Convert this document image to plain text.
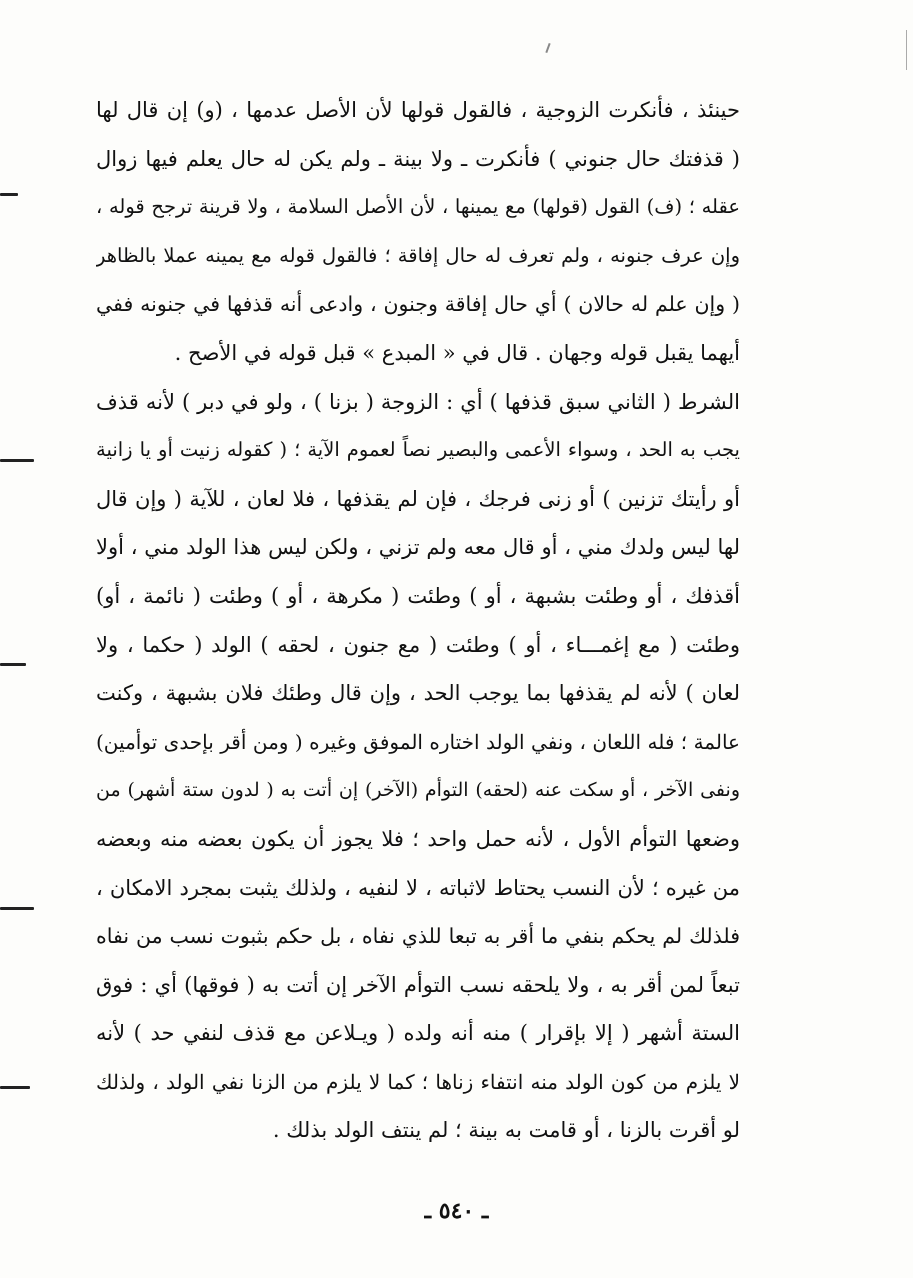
حينئذ ، فأنكرت الزوجية ، فالقول قولها لأن الأصل عدمها ، (و) إن قال لها
( قذفتك حال جنوني ) فأنكرت ـ ولا بينة ـ ولم يكن له حال يعلم فيها زوال
عقله ؛ (ف) القول (قولها) مع يمينها ، لأن الأصل السلامة ، ولا قرينة ترجح قوله ،
وإن عرف جنونه ، ولم تعرف له حال إفاقة ؛ فالقول قوله مع يمينه عملا بالظاهر
( وإن علم له حالان ) أي حال إفاقة وجنون ، وادعى أنه قذفها في جنونه ففي
أيهما يقبل قوله وجهان . قال في « المبدع » قبل قوله في الأصح .
الشرط ( الثاني سبق قذفها ) أي : الزوجة ( بزنا ) ، ولو في دبر ) لأنه قذف
يجب به الحد ، وسواء الأعمى والبصير نصاً لعموم الآية ؛ ( كقوله زنيت أو يا زانية
أو رأيتك تزنين ) أو زنى فرجك ، فإن لم يقذفها ، فلا لعان ، للآية ( وإن قال
لها ليس ولدك مني ، أو قال معه ولم تزني ، ولكن ليس هذا الولد مني ، أولا
أقذفك ، أو وطئت بشبهة ، أو ) وطئت ( مكرهة ، أو ) وطئت ( نائمة ، أو)
وطئت ( مع إغمـــاء ، أو ) وطئت ( مع جنون ، لحقه ) الولد ( حكما ، ولا
لعان ) لأنه لم يقذفها بما يوجب الحد ، وإن قال وطئك فلان بشبهة ، وكنت
عالمة ؛ فله اللعان ، ونفي الولد اختاره الموفق وغيره ( ومن أقر بإحدى توأمين)
ونفى الآخر ، أو سكت عنه (لحقه) التوأم (الآخر) إن أتت به ( لدون ستة أشهر) من
وضعها التوأم الأول ، لأنه حمل واحد ؛ فلا يجوز أن يكون بعضه منه وبعضه
من غيره ؛ لأن النسب يحتاط لاثباته ، لا لنفيه ، ولذلك يثبت بمجرد الامكان ،
فلذلك لم يحكم بنفي ما أقر به تبعا للذي نفاه ، بل حكم بثبوت نسب من نفاه
تبعاً لمن أقر به ، ولا يلحقه نسب التوأم الآخر إن أتت به ( فوقها) أي : فوق
الستة أشهر ( إلا بإقرار ) منه أنه ولده ( ويـلاعن مع قذف لنفي حد ) لأنه
لا يلزم من كون الولد منه انتفاء زناها ؛ كما لا يلزم من الزنا نفي الولد ، ولذلك
لو أقرت بالزنا ، أو قامت به بينة ؛ لم ينتف الولد بذلك .
ـ ٥٤٠ ـ
